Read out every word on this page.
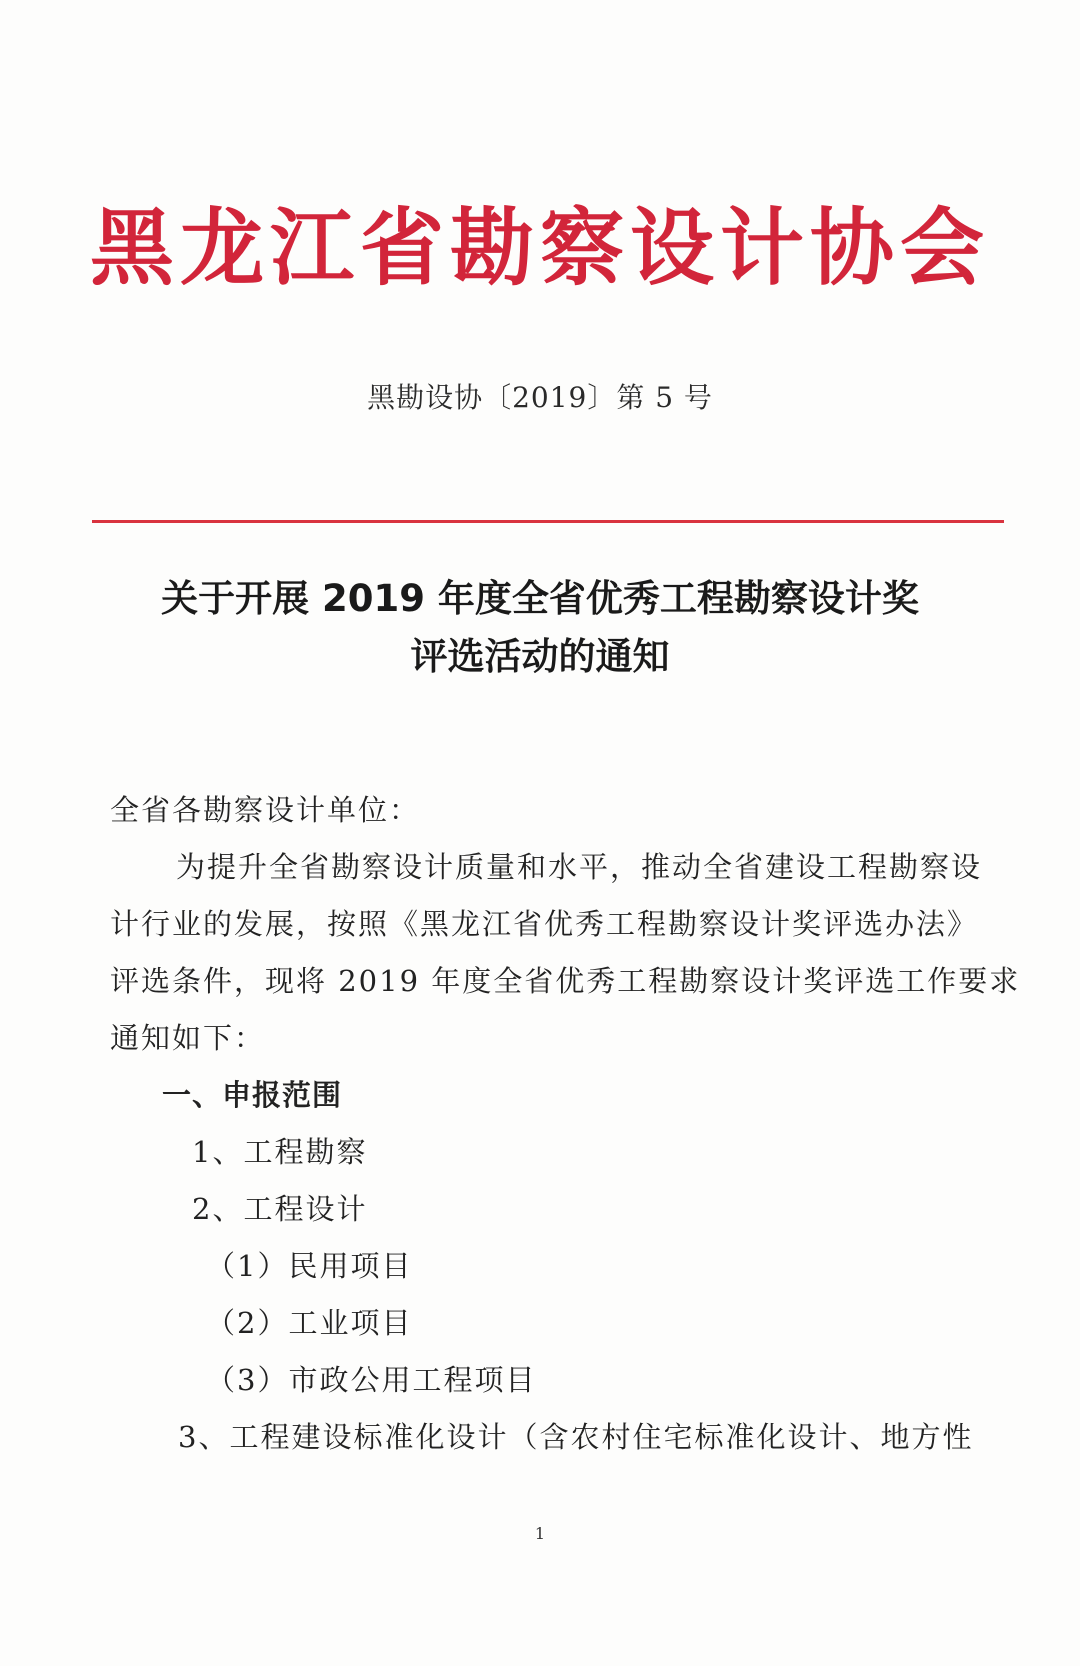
黑龙江省勘察设计协会
黑勘设协〔2019〕第 5 号
关于开展 2019 年度全省优秀工程勘察设计奖
评选活动的通知
全省各勘察设计单位：
为提升全省勘察设计质量和水平，推动全省建设工程勘察设
计行业的发展，按照《黑龙江省优秀工程勘察设计奖评选办法》
评选条件，现将 2019 年度全省优秀工程勘察设计奖评选工作要求
通知如下：
一、申报范围
1、工程勘察
2、工程设计
（1）民用项目
（2）工业项目
（3）市政公用工程项目
3、工程建设标准化设计（含农村住宅标准化设计、地方性
1
